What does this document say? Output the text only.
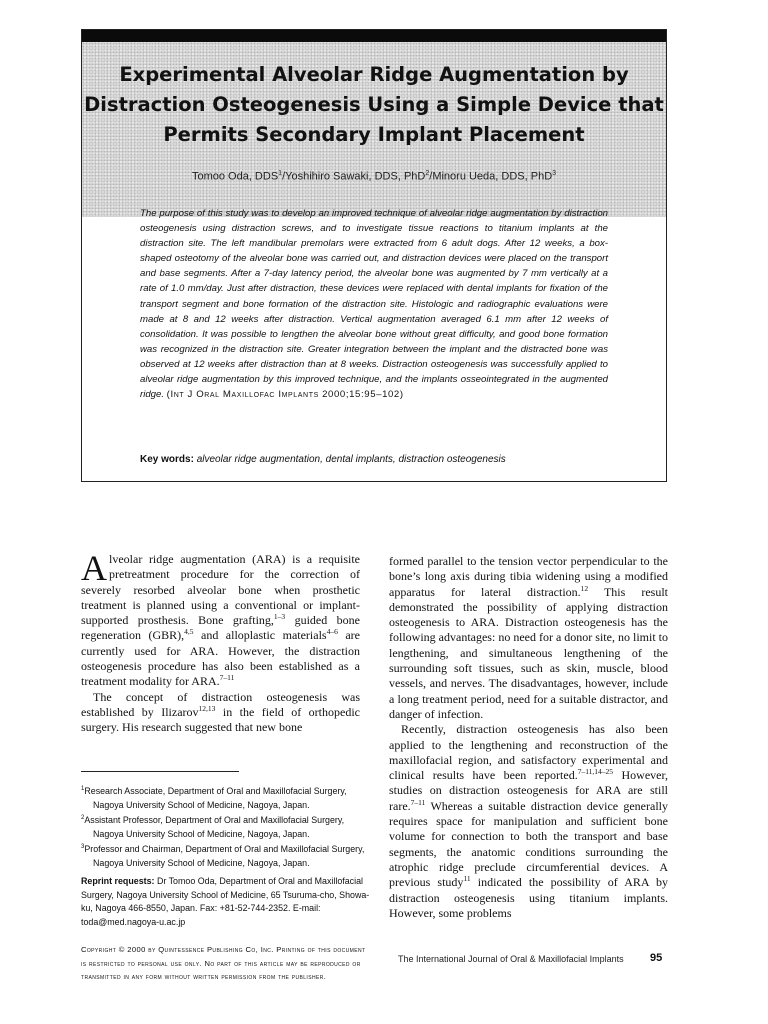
Experimental Alveolar Ridge Augmentation by Distraction Osteogenesis Using a Simple Device that Permits Secondary Implant Placement
Tomoo Oda, DDS$^1$/Yoshihiro Sawaki, DDS, PhD$^2$/Minoru Ueda, DDS, PhD$^3$

The purpose of this study was to develop an improved technique of alveolar ridge augmentation by distraction osteogenesis using distraction screws, and to investigate tissue reactions to titanium implants at the distraction site. The left mandibular premolars were extracted from 6 adult dogs. After 12 weeks, a box-shaped osteotomy of the alveolar bone was carried out, and distraction devices were placed on the transport and base segments. After a 7-day latency period, the alveolar bone was augmented by 7 mm vertically at a rate of 1.0 mm/day. Just after distraction, these devices were replaced with dental implants for fixation of the transport segment and bone formation of the distraction site. Histologic and radiographic evaluations were made at 8 and 12 weeks after distraction. Vertical augmentation averaged 6.1 mm after 12 weeks of consolidation. It was possible to lengthen the alveolar bone without great difficulty, and good bone formation was recognized in the distraction site. Greater integration between the implant and the distracted bone was observed at 12 weeks after distraction than at 8 weeks. Distraction osteogenesis was successfully applied to alveolar ridge augmentation by this improved technique, and the implants osseointegrated in the augmented ridge. (Int J Oral Maxillofac Implants 2000;15:95–102)

Key words: alveolar ridge augmentation, dental implants, distraction osteogenesis

Alveolar ridge augmentation (ARA) is a requisite pretreatment procedure for the correction of severely resorbed alveolar bone when prosthetic treatment is planned using a conventional or implant-supported prosthesis. Bone grafting,$^{1-3}$ guided bone regeneration (GBR),$^{4,5}$ and alloplastic materials$^{4-6}$ are currently used for ARA. However, the distraction osteogenesis procedure has also been established as a treatment modality for ARA.$^{7-11}$

The concept of distraction osteogenesis was established by Ilizarov$^{12,13}$ in the field of orthopedic surgery. His research suggested that new bone

formed parallel to the tension vector perpendicular to the bone’s long axis during tibia widening using a modified apparatus for lateral distraction.$^{12}$ This result demonstrated the possibility of applying distraction osteogenesis to ARA. Distraction osteogenesis has the following advantages: no need for a donor site, no limit to lengthening, and simultaneous lengthening of the surrounding soft tissues, such as skin, muscle, blood vessels, and nerves. The disadvantages, however, include a long treatment period, need for a suitable distractor, and danger of infection.

Recently, distraction osteogenesis has also been applied to the lengthening and reconstruction of the maxillofacial region, and satisfactory experimental and clinical results have been reported.$^{7-11,14-25}$ However, studies on distraction osteogenesis for ARA are still rare.$^{7-11}$ Whereas a suitable distraction device generally requires space for manipulation and sufficient bone volume for connection to both the transport and base segments, the anatomic conditions surrounding the atrophic ridge preclude circumferential devices. A previous study$^{11}$ indicated the possibility of ARA by distraction osteogenesis using titanium implants. However, some problems

$^1$Research Associate, Department of Oral and Maxillofacial Surgery, Nagoya University School of Medicine, Nagoya, Japan.

$^2$Assistant Professor, Department of Oral and Maxillofacial Surgery, Nagoya University School of Medicine, Nagoya, Japan.

$^3$Professor and Chairman, Department of Oral and Maxillofacial Surgery, Nagoya University School of Medicine, Nagoya, Japan.

Reprint requests: Dr Tomoo Oda, Department of Oral and Maxillofacial Surgery, Nagoya University School of Medicine, 65 Tsuruma-cho, Showa-ku, Nagoya 466-8550, Japan. Fax: +81-52-744-2352. E-mail: toda@med.nagoya-u.ac.jp

Copyright © 2000 by Quintessence Publishing Co, Inc. Printing of this document is restricted to personal use only. No part of this article may be reproduced or transmitted in any form without written permission from the publisher.

The International Journal of Oral & Maxillofacial Implants 95
